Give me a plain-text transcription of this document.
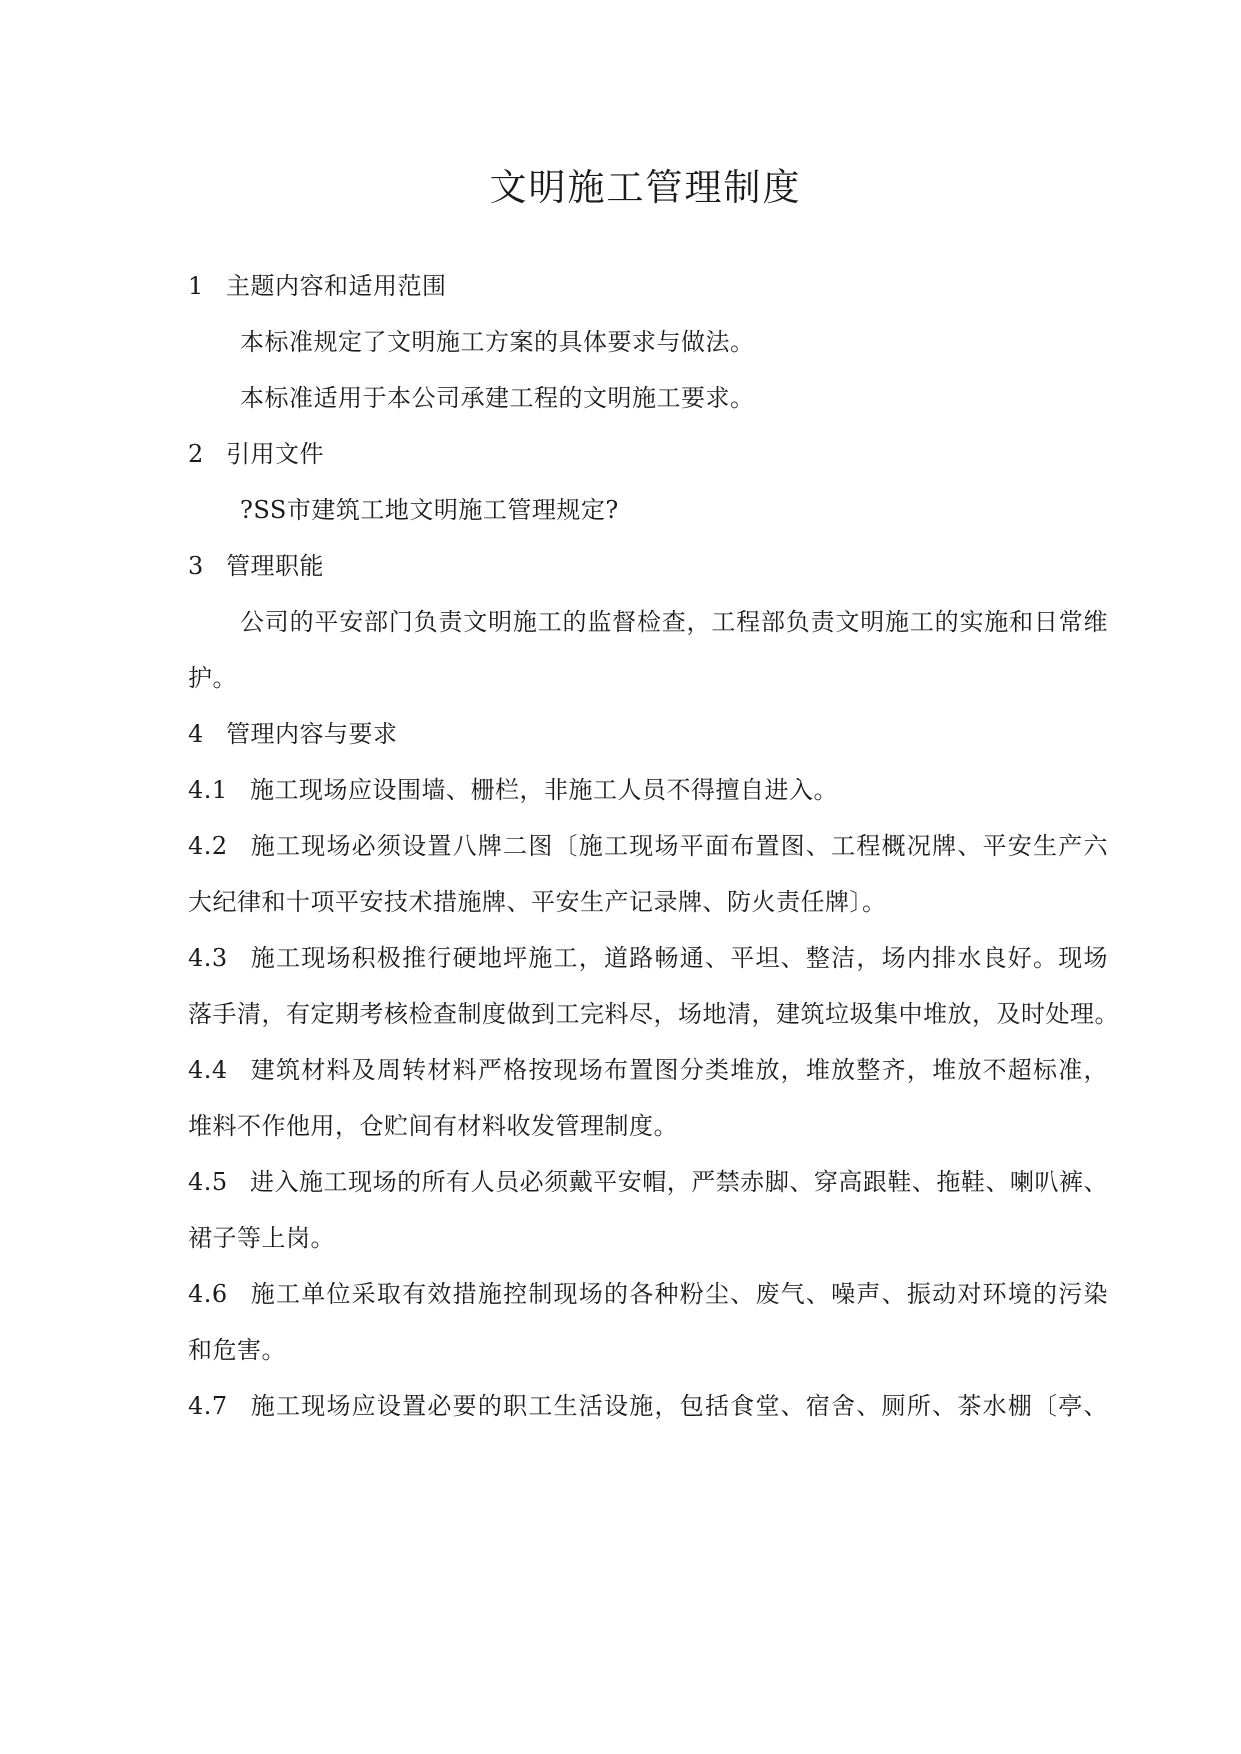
文明施工管理制度
1 主题内容和适用范围
本标准规定了文明施工方案的具体要求与做法。
本标准适用于本公司承建工程的文明施工要求。
2 引用文件
?SS市建筑工地文明施工管理规定?
3 管理职能
公司的平安部门负责文明施工的监督检查，工程部负责文明施工的实施和日常维
护。
4 管理内容与要求
4.1 施工现场应设围墙、栅栏，非施工人员不得擅自进入。
4.2 施工现场必须设置八牌二图〔施工现场平面布置图、工程概况牌、平安生产六
大纪律和十项平安技术措施牌、平安生产记录牌、防火责任牌〕。
4.3 施工现场积极推行硬地坪施工，道路畅通、平坦、整洁，场内排水良好。现场
落手清，有定期考核检查制度做到工完料尽，场地清，建筑垃圾集中堆放，及时处理。
4.4 建筑材料及周转材料严格按现场布置图分类堆放，堆放整齐，堆放不超标准，
堆料不作他用，仓贮间有材料收发管理制度。
4.5 进入施工现场的所有人员必须戴平安帽，严禁赤脚、穿高跟鞋、拖鞋、喇叭裤、
裙子等上岗。
4.6 施工单位采取有效措施控制现场的各种粉尘、废气、噪声、振动对环境的污染
和危害。
4.7 施工现场应设置必要的职工生活设施，包括食堂、宿舍、厕所、茶水棚〔亭、
